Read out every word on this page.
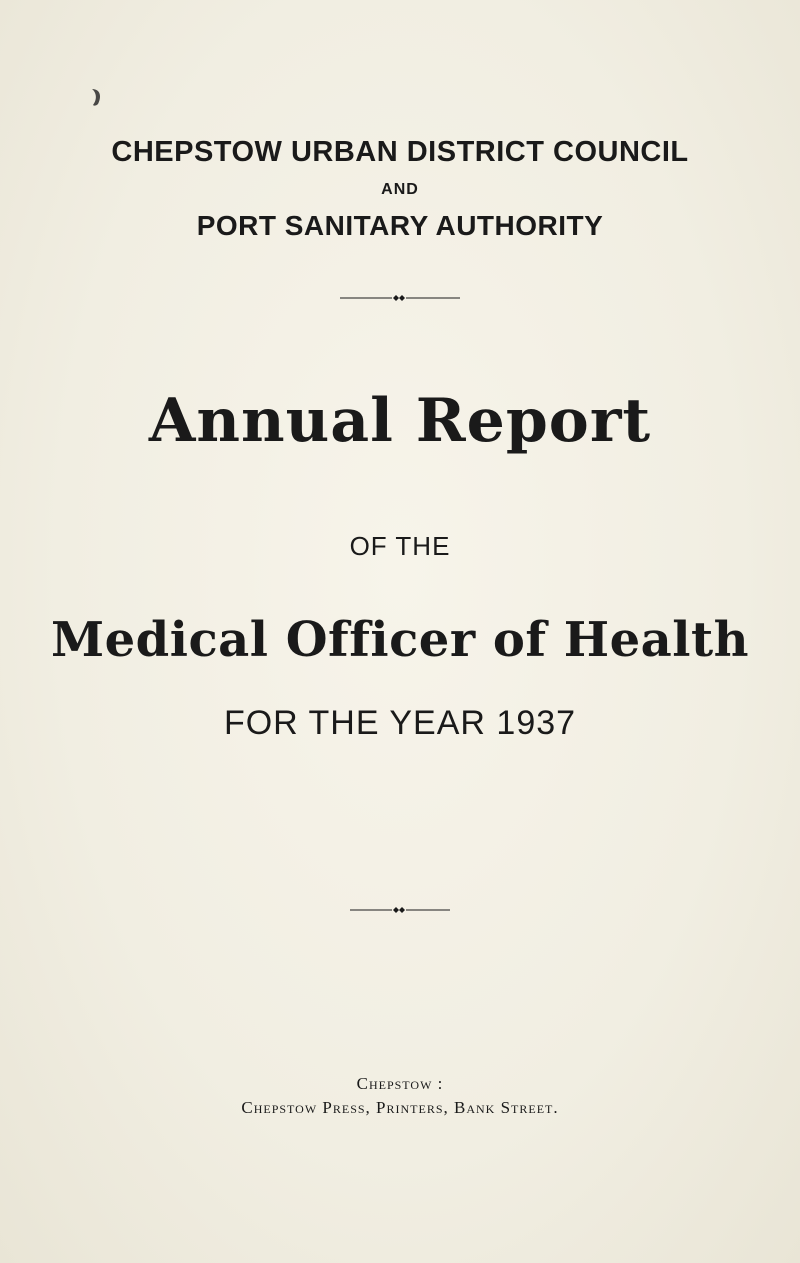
CHEPSTOW URBAN DISTRICT COUNCIL
AND
PORT SANITARY AUTHORITY
Annual Report
OF THE
Medical Officer of Health
FOR THE YEAR 1937
Chepstow :
Chepstow Press, Printers, Bank Street.
